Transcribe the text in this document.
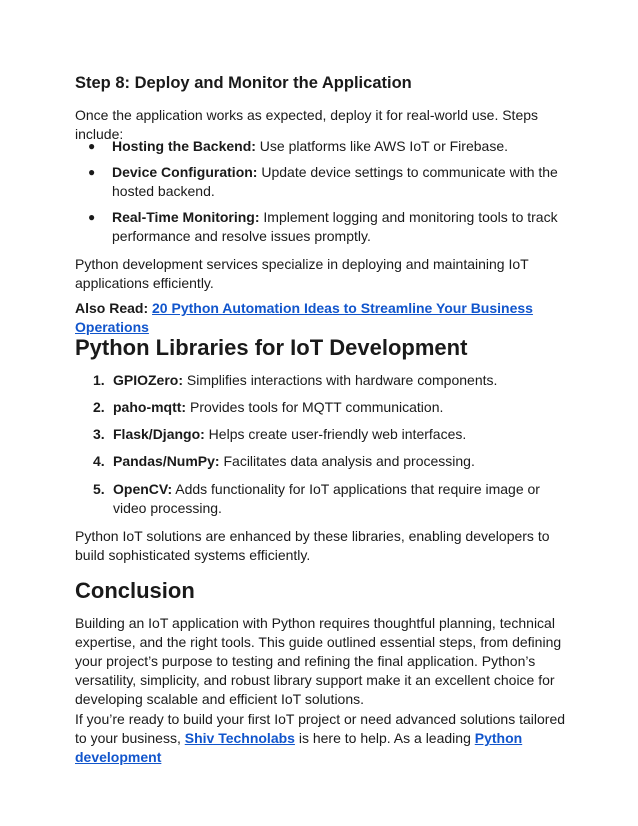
Step 8: Deploy and Monitor the Application

Once the application works as expected, deploy it for real-world use. Steps include:

● Hosting the Backend: Use platforms like AWS IoT or Firebase.
● Device Configuration: Update device settings to communicate with the hosted backend.
● Real-Time Monitoring: Implement logging and monitoring tools to track performance and resolve issues promptly.

Python development services specialize in deploying and maintaining IoT applications efficiently.

Also Read: 20 Python Automation Ideas to Streamline Your Business Operations

Python Libraries for IoT Development
1. GPIOZero: Simplifies interactions with hardware components.
2. paho-mqtt: Provides tools for MQTT communication.
3. Flask/Django: Helps create user-friendly web interfaces.
4. Pandas/NumPy: Facilitates data analysis and processing.
5. OpenCV: Adds functionality for IoT applications that require image or video processing.

Python IoT solutions are enhanced by these libraries, enabling developers to build sophisticated systems efficiently.

Conclusion

Building an IoT application with Python requires thoughtful planning, technical expertise, and the right tools. This guide outlined essential steps, from defining your project’s purpose to testing and refining the final application. Python’s versatility, simplicity, and robust library support make it an excellent choice for developing scalable and efficient IoT solutions.

If you’re ready to build your first IoT project or need advanced solutions tailored to your business, Shiv Technolabs is here to help. As a leading Python development
